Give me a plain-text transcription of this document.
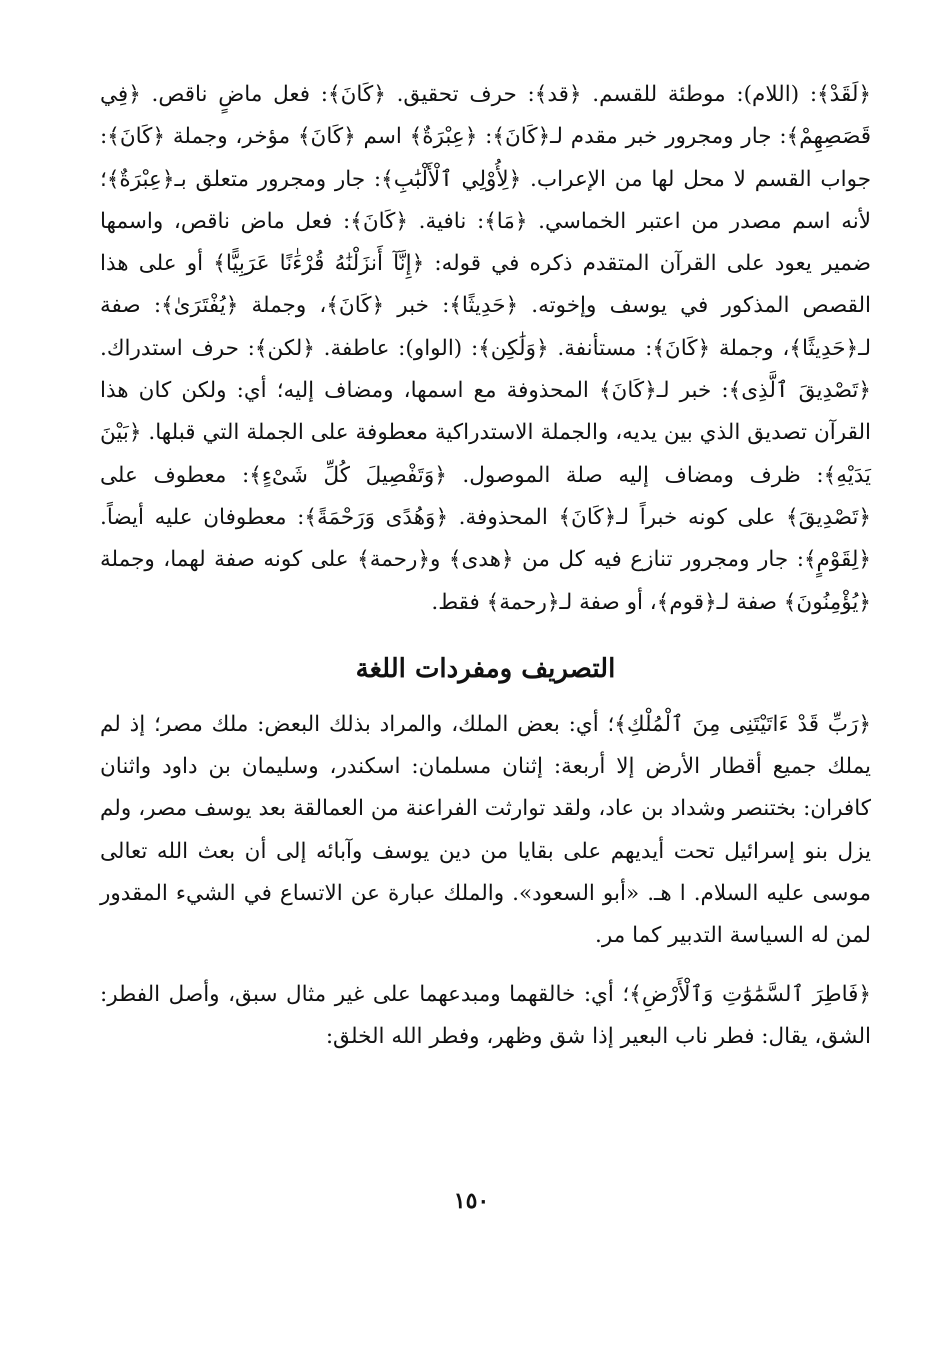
﴿لَقَدْ﴾: (اللام): موطئة للقسم. ﴿قد﴾: حرف تحقيق. ﴿كَانَ﴾: فعل ماضٍ ناقص. ﴿فِي قَصَصِهِمْ﴾: جار ومجرور خبر مقدم لـ﴿كَانَ﴾: ﴿عِبْرَةٌ﴾ اسم ﴿كَانَ﴾ مؤخر، وجملة ﴿كَانَ﴾: جواب القسم لا محل لها من الإعراب. ﴿لِأُوْلِي ٱلْأَلْبَٰبِ﴾: جار ومجرور متعلق بـ﴿عِبْرَةٌ﴾؛ لأنه اسم مصدر من اعتبر الخماسي. ﴿مَا﴾: نافية. ﴿كَانَ﴾: فعل ماض ناقص، واسمها ضمير يعود على القرآن المتقدم ذكره في قوله: ﴿إِنَّآ أَنزَلْنَٰهُ قُرْءَٰنًا عَرَبِيًّا﴾ أو على هذا القصص المذكور في يوسف وإخوته. ﴿حَدِيثًا﴾: خبر ﴿كَانَ﴾، وجملة ﴿يُفْتَرَىٰ﴾: صفة لـ﴿حَدِيثًا﴾، وجملة ﴿كَانَ﴾: مستأنفة. ﴿وَلَٰكِن﴾: (الواو): عاطفة. ﴿لكن﴾: حرف استدراك. ﴿تَصْدِيقَ ٱلَّذِى﴾: خبر لـ﴿كَانَ﴾ المحذوفة مع اسمها، ومضاف إليه؛ أي: ولكن كان هذا القرآن تصديق الذي بين يديه، والجملة الاستدراكية معطوفة على الجملة التي قبلها. ﴿بَيْنَ يَدَيْهِ﴾: ظرف ومضاف إليه صلة الموصول. ﴿وَتَفْصِيلَ كُلِّ شَىْءٍ﴾: معطوف على ﴿تَصْدِيقَ﴾ على كونه خبراً لـ﴿كَانَ﴾ المحذوفة. ﴿وَهُدًى وَرَحْمَةً﴾: معطوفان عليه أيضاً. ﴿لِقَوْمٍ﴾: جار ومجرور تنازع فيه كل من ﴿هدى﴾ و﴿رحمة﴾ على كونه صفة لهما، وجملة ﴿يُؤْمِنُونَ﴾ صفة لـ﴿قوم﴾، أو صفة لـ﴿رحمة﴾ فقط.

التصريف ومفردات اللغة

﴿رَبِّ قَدْ ءَاتَيْتَنِى مِنَ ٱلْمُلْكِ﴾؛ أي: بعض الملك، والمراد بذلك البعض: ملك مصر؛ إذ لم يملك جميع أقطار الأرض إلا أربعة: إثنان مسلمان: اسكندر، وسليمان بن داود واثنان كافران: بختنصر وشداد بن عاد، ولقد توارثت الفراعنة من العمالقة بعد يوسف مصر، ولم يزل بنو إسرائيل تحت أيديهم على بقايا من دين يوسف وآبائه إلى أن بعث الله تعالى موسى عليه السلام. ا هـ. «أبو السعود». والملك عبارة عن الاتساع في الشيء المقدور لمن له السياسة التدبير كما مر.

﴿فَاطِرَ ٱلسَّمَٰوَٰتِ وَٱلْأَرْضِ﴾؛ أي: خالقهما ومبدعهما على غير مثال سبق، وأصل الفطر: الشق، يقال: فطر ناب البعير إذا شق وظهر، وفطر الله الخلق:

١٥٠
